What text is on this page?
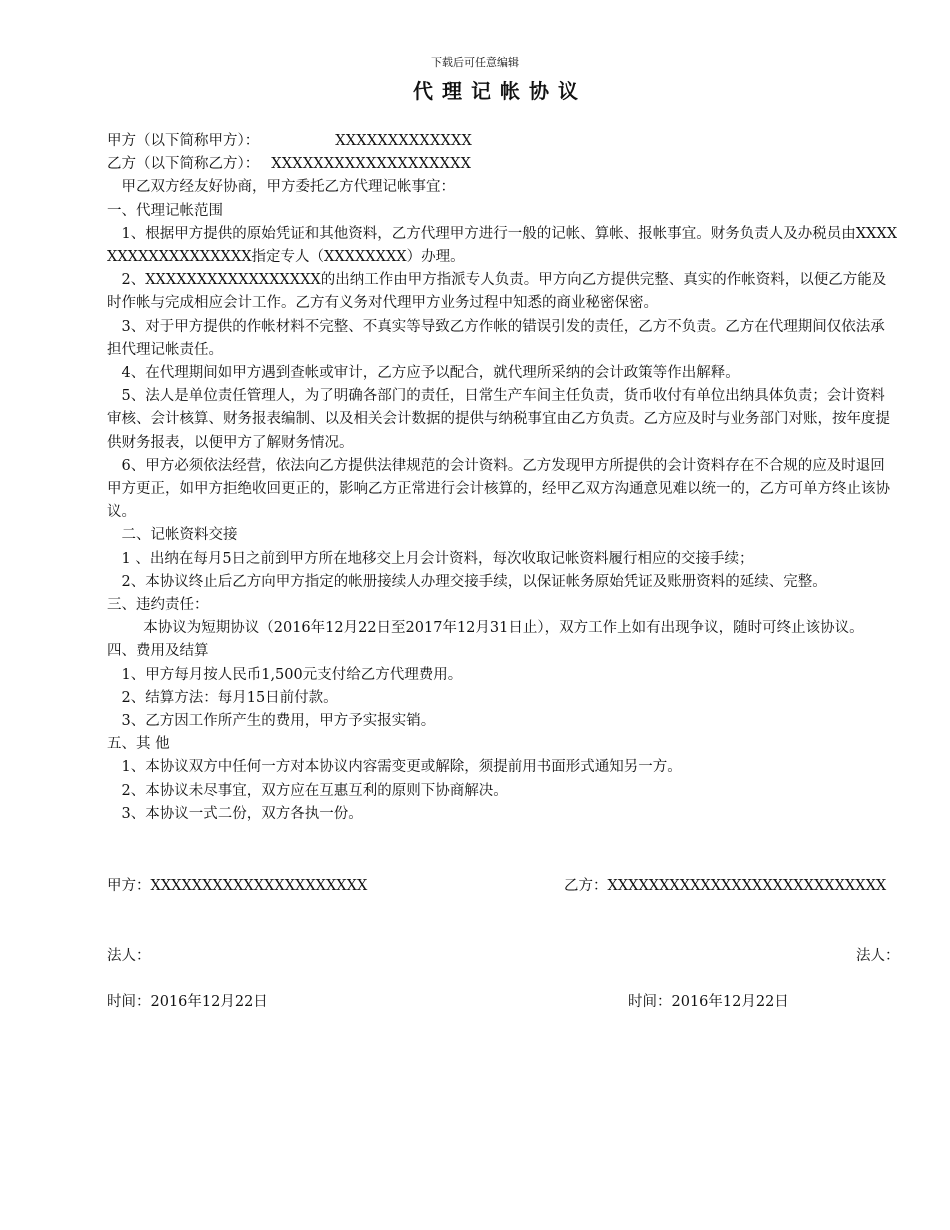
下载后可任意编辑
代理记帐协议

甲方（以下简称甲方）：	XXXXXXXXXXXXX

乙方（以下简称乙方）： XXXXXXXXXXXXXXXXXXX

甲乙双方经友好协商，甲方委托乙方代理记帐事宜：

一、代理记帐范围

1、根据甲方提供的原始凭证和其他资料，乙方代理甲方进行一般的记帐、算帐、报帐事宜。财务负责人及办税员由XXXXXXXXXXXXXXXXXX指定专人（XXXXXXXX）办理。

2、XXXXXXXXXXXXXXXXX的出纳工作由甲方指派专人负责。甲方向乙方提供完整、真实的作帐资料，以便乙方能及时作帐与完成相应会计工作。乙方有义务对代理甲方业务过程中知悉的商业秘密保密。

3、对于甲方提供的作帐材料不完整、不真实等导致乙方作帐的错误引发的责任，乙方不负责。乙方在代理期间仅依法承担代理记帐责任。

4、在代理期间如甲方遇到查帐或审计，乙方应予以配合，就代理所采纳的会计政策等作出解释。

5、法人是单位责任管理人，为了明确各部门的责任，日常生产车间主任负责，货币收付有单位出纳具体负责；会计资料审核、会计核算、财务报表编制、以及相关会计数据的提供与纳税事宜由乙方负责。乙方应及时与业务部门对账，按年度提供财务报表，以便甲方了解财务情况。

6、甲方必须依法经营，依法向乙方提供法律规范的会计资料。乙方发现甲方所提供的会计资料存在不合规的应及时退回甲方更正，如甲方拒绝收回更正的，影响乙方正常进行会计核算的，经甲乙双方沟通意见难以统一的，乙方可单方终止该协议。

二、记帐资料交接

1 、出纳在每月5日之前到甲方所在地移交上月会计资料，每次收取记帐资料履行相应的交接手续；

2、本协议终止后乙方向甲方指定的帐册接续人办理交接手续，以保证帐务原始凭证及账册资料的延续、完整。

三、违约责任：

本协议为短期协议（2016年12月22日至2017年12月31日止），双方工作上如有出现争议，随时可终止该协议。

四、费用及结算

1、甲方每月按人民币1,500元支付给乙方代理费用。

2、结算方法：每月15日前付款。

3、乙方因工作所产生的费用，甲方予实报实销。

五、其 他

1、本协议双方中任何一方对本协议内容需变更或解除，须提前用书面形式通知另一方。

2、本协议未尽事宜，双方应在互惠互利的原则下协商解决。

3、本协议一式二份，双方各执一份。

甲方：XXXXXXXXXXXXXXXXXXXXX	乙方：XXXXXXXXXXXXXXXXXXXXXXXXXXX
法人：	法人：
时间：2016年12月22日	时间：2016年12月22日
